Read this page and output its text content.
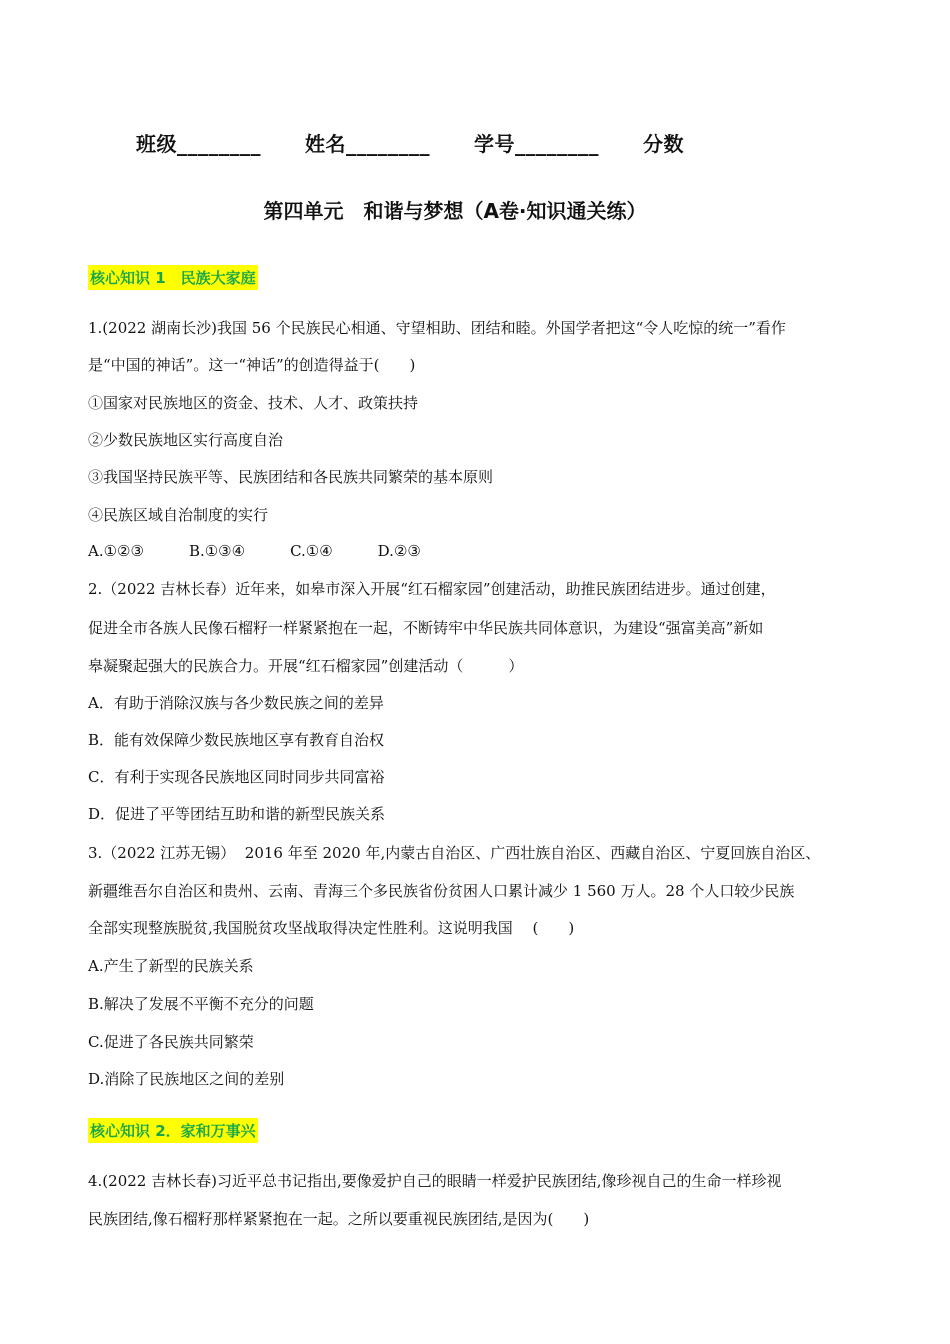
班级________ 姓名________ 学号________ 分数
第四单元　和谐与梦想（A卷·知识通关练）
核心知识 1　民族大家庭
1.(2022 湖南长沙)我国 56 个民族民心相通、守望相助、团结和睦。外国学者把这“令人吃惊的统一”看作
是“中国的神话”。这一“神话”的创造得益于(　　)
①国家对民族地区的资金、技术、人才、政策扶持
②少数民族地区实行高度自治
③我国坚持民族平等、民族团结和各民族共同繁荣的基本原则
④民族区域自治制度的实行
A.①②③　　　B.①③④　　　C.①④　　　D.②③
2.（2022 吉林长春）近年来，如皋市深入开展“红石榴家园”创建活动，助推民族团结进步。通过创建，
促进全市各族人民像石榴籽一样紧紧抱在一起，不断铸牢中华民族共同体意识，为建设“强富美高”新如
皋凝聚起强大的民族合力。开展“红石榴家园”创建活动（　　　）
A．有助于消除汉族与各少数民族之间的差异
B．能有效保障少数民族地区享有教育自治权
C．有利于实现各民族地区同时同步共同富裕
D．促进了平等团结互助和谐的新型民族关系
3.（2022 江苏无锡）  2016 年至 2020 年,内蒙古自治区、广西壮族自治区、西藏自治区、宁夏回族自治区、
新疆维吾尔自治区和贵州、云南、青海三个多民族省份贫困人口累计减少 1 560 万人。28 个人口较少民族
全部实现整族脱贫,我国脱贫攻坚战取得决定性胜利。这说明我国　 (　　)
A.产生了新型的民族关系
B.解决了发展不平衡不充分的问题
C.促进了各民族共同繁荣
D.消除了民族地区之间的差别
核心知识 2．家和万事兴
4.(2022 吉林长春)习近平总书记指出,要像爱护自己的眼睛一样爱护民族团结,像珍视自己的生命一样珍视
民族团结,像石榴籽那样紧紧抱在一起。之所以要重视民族团结,是因为(　　)
